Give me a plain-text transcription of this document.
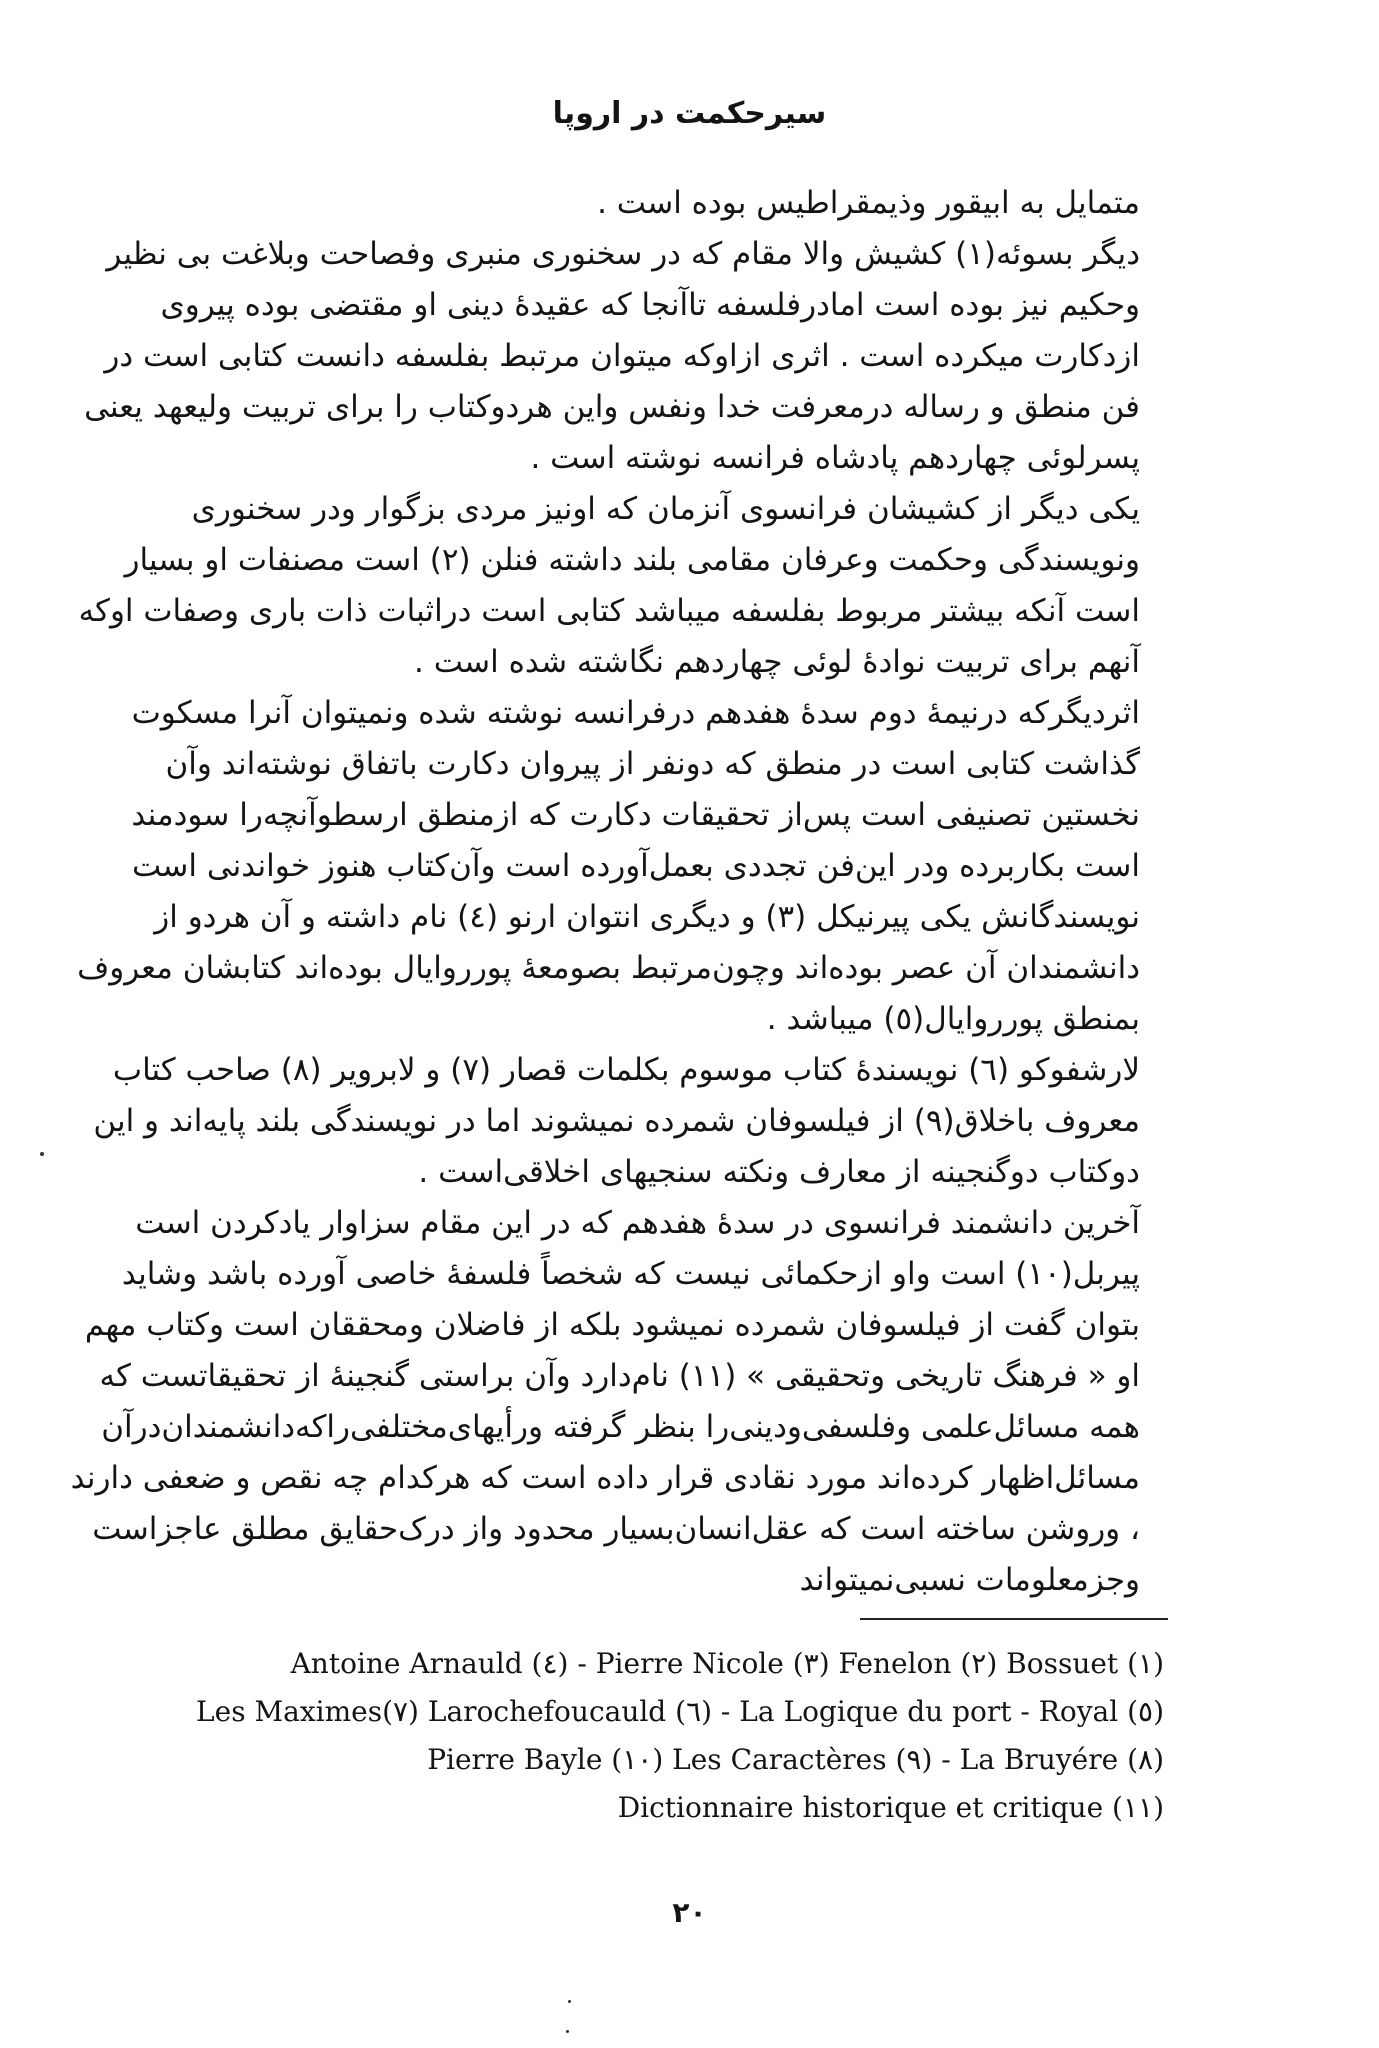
سیرحکمت در اروپا

متمایل به ابیقور وذیمقراطیس بوده است .

دیگر بسوئه(۱) کشیش والا مقام که در سخنوری منبری وفصاحت وبلاغت بی نظیر وحکیم نیز بوده است امادرفلسفه تاآنجا که عقیدهٔ دینی او مقتضی بوده پیروی ازدکارت میکرده است . اثری ازاوکه میتوان مرتبط بفلسفه دانست کتابی است در فن منطق و رساله درمعرفت خدا ونفس واین هردوکتاب را برای تربیت ولیعهد یعنی پسرلوئی چهاردهم پادشاه فرانسه نوشته است .

یکی دیگر از کشیشان فرانسوی آنزمان که اونیز مردی بزگوار ودر سخنوری ونویسندگی وحکمت وعرفان مقامی بلند داشته فنلن (۲) است مصنفات او بسیار است آنکه بیشتر مربوط بفلسفه میباشد کتابی است دراثبات ذات باری وصفات اوکه آنهم برای تربیت نوادهٔ لوئی چهاردهم نگاشته شده است .

اثردیگرکه درنیمهٔ دوم سدهٔ هفدهم درفرانسه نوشته شده ونمیتوان آنرا مسکوت گذاشت کتابی است در منطق که دونفر از پیروان دکارت باتفاق نوشته‌اند وآن نخستین تصنیفی است پس‌از تحقیقات دکارت که ازمنطق ارسطوآنچه‌را سودمند است بکاربرده ودر این‌فن تجددی بعمل‌آورده است وآن‌کتاب هنوز خواندنی است نویسندگانش یکی پیرنیکل (۳) و دیگری انتوان ارنو (٤) نام داشته و آن هردو از دانشمندان آن عصر بوده‌اند وچون‌مرتبط بصومعهٔ پورروایال بوده‌اند کتابشان معروف بمنطق پورروایال(٥) میباشد .

لارشفوکو (٦) نویسندهٔ کتاب موسوم بکلمات قصار (۷) و لابرویر (۸) صاحب کتاب معروف باخلاق(۹) از فیلسوفان شمرده نمیشوند اما در نویسندگی بلند پایه‌اند و این دوکتاب دوگنجینه از معارف ونکته سنجیهای اخلاقی‌است .

آخرین دانشمند فرانسوی در سدهٔ هفدهم که در این مقام سزاوار یادکردن است پیربل(۱۰) است واو ازحکمائی نیست که شخصاً فلسفهٔ خاصی آورده باشد وشاید بتوان گفت از فیلسوفان شمرده نمیشود بلکه از فاضلان ومحققان است وکتاب مهم او « فرهنگ تاریخی وتحقیقی » (۱۱) نام‌دارد وآن براستی گنجینهٔ از تحقیقاتست که همه مسائل‌علمی وفلسفی‌ودینی‌را بنظر گرفته ورأیهای‌مختلفی‌راکه‌دانشمندان‌درآن مسائل‌اظهار کرده‌اند مورد نقادی قرار داده است که هرکدام چه نقص و ضعفی دارند ، وروشن ساخته است که عقل‌انسان‌بسیار محدود واز درک‌حقایق مطلق عاجزاست وجزمعلومات نسبی‌نمیتواند

Antoine Arnauld (٤) - Pierre Nicole (٣) Fenelon (٢) Bossuet (١)
Les Maximes(٧) Larochefoucauld (٦) - La Logique du port - Royal (٥)
Pierre Bayle (١٠) Les Caractères (٩) - La Bruyére (٨)
Dictionnaire historique et critique (١١)
۲۰
